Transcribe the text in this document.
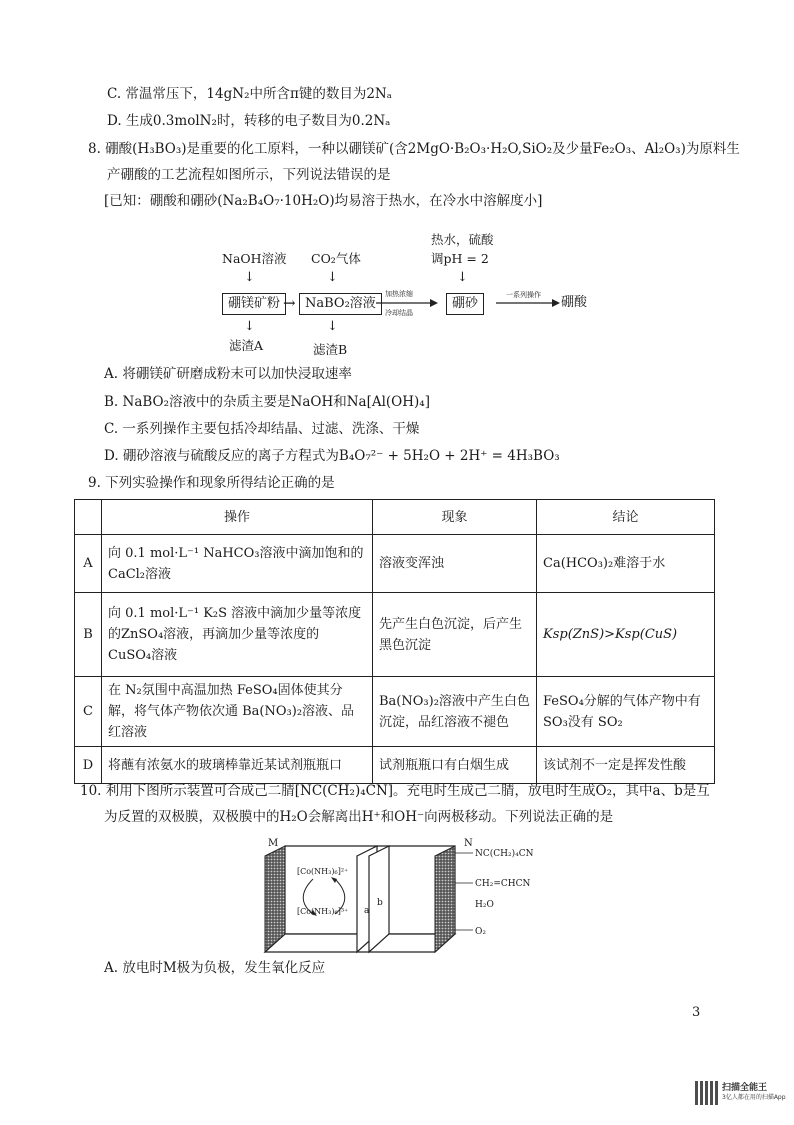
C. 常温常压下，14gN₂中所含π键的数目为2Nₐ
D. 生成0.3molN₂时，转移的电子数目为0.2Nₐ
8. 硼酸(H₃BO₃)是重要的化工原料，一种以硼镁矿(含2MgO·B₂O₃·H₂O,SiO₂及少量Fe₂O₃、Al₂O₃)为原料生
产硼酸的工艺流程如图所示，下列说法错误的是
[已知：硼酸和硼砂(Na₂B₄O₇·10H₂O)均易溶于热水，在冷水中溶解度小]
热水，硫酸
NaOH溶液 CO₂气体	调pH = 2
↓	↓	↓
硼镁矿粉 → NaBO₂溶液
加热浓缩
冷却结晶
硼砂
一系列操作 硼酸
↓	↓
滤渣A	滤渣B
A. 将硼镁矿研磨成粉末可以加快浸取速率
B. NaBO₂溶液中的杂质主要是NaOH和Na[Al(OH)₄]
C. 一系列操作主要包括冷却结晶、过滤、洗涤、干燥
D. 硼砂溶液与硫酸反应的离子方程式为B₄O₇²⁻ + 5H₂O + 2H⁺ = 4H₃BO₃
9. 下列实验操作和现象所得结论正确的是
	操作	现象	结论
A	向 0.1 mol·L⁻¹ NaHCO₃溶液中滴加饱和的CaCl₂溶液	溶液变浑浊	Ca(HCO₃)₂难溶于水
B	向 0.1 mol·L⁻¹ K₂S 溶液中滴加少量等浓度的ZnSO₄溶液，再滴加少量等浓度的 CuSO₄溶液	先产生白色沉淀，后产生黑色沉淀	Ksp(ZnS)>Ksp(CuS)
C	在 N₂氛围中高温加热 FeSO₄固体使其分解，将气体产物依次通 Ba(NO₃)₂溶液、品红溶液	Ba(NO₃)₂溶液中产生白色沉淀，品红溶液不褪色	FeSO₄分解的气体产物中有SO₃没有 SO₂
D	将蘸有浓氨水的玻璃棒靠近某试剂瓶瓶口	试剂瓶瓶口有白烟生成	该试剂不一定是挥发性酸
10. 利用下图所示装置可合成己二腈[NC(CH₂)₄CN]。充电时生成己二腈，放电时生成O₂，其中a、b是互
为反置的双极膜，双极膜中的H₂O会解离出H⁺和OH⁻向两极移动。下列说法正确的是
M	N
[Co(NH₃)₆]²⁺
[Co(NH₃)₆]³⁺ a
b
NC(CH₂)₄CN
CH₂=CHCN
H₂O
O₂
A. 放电时M极为负极，发生氧化反应
3
扫描全能王
3亿人都在用的扫描App
